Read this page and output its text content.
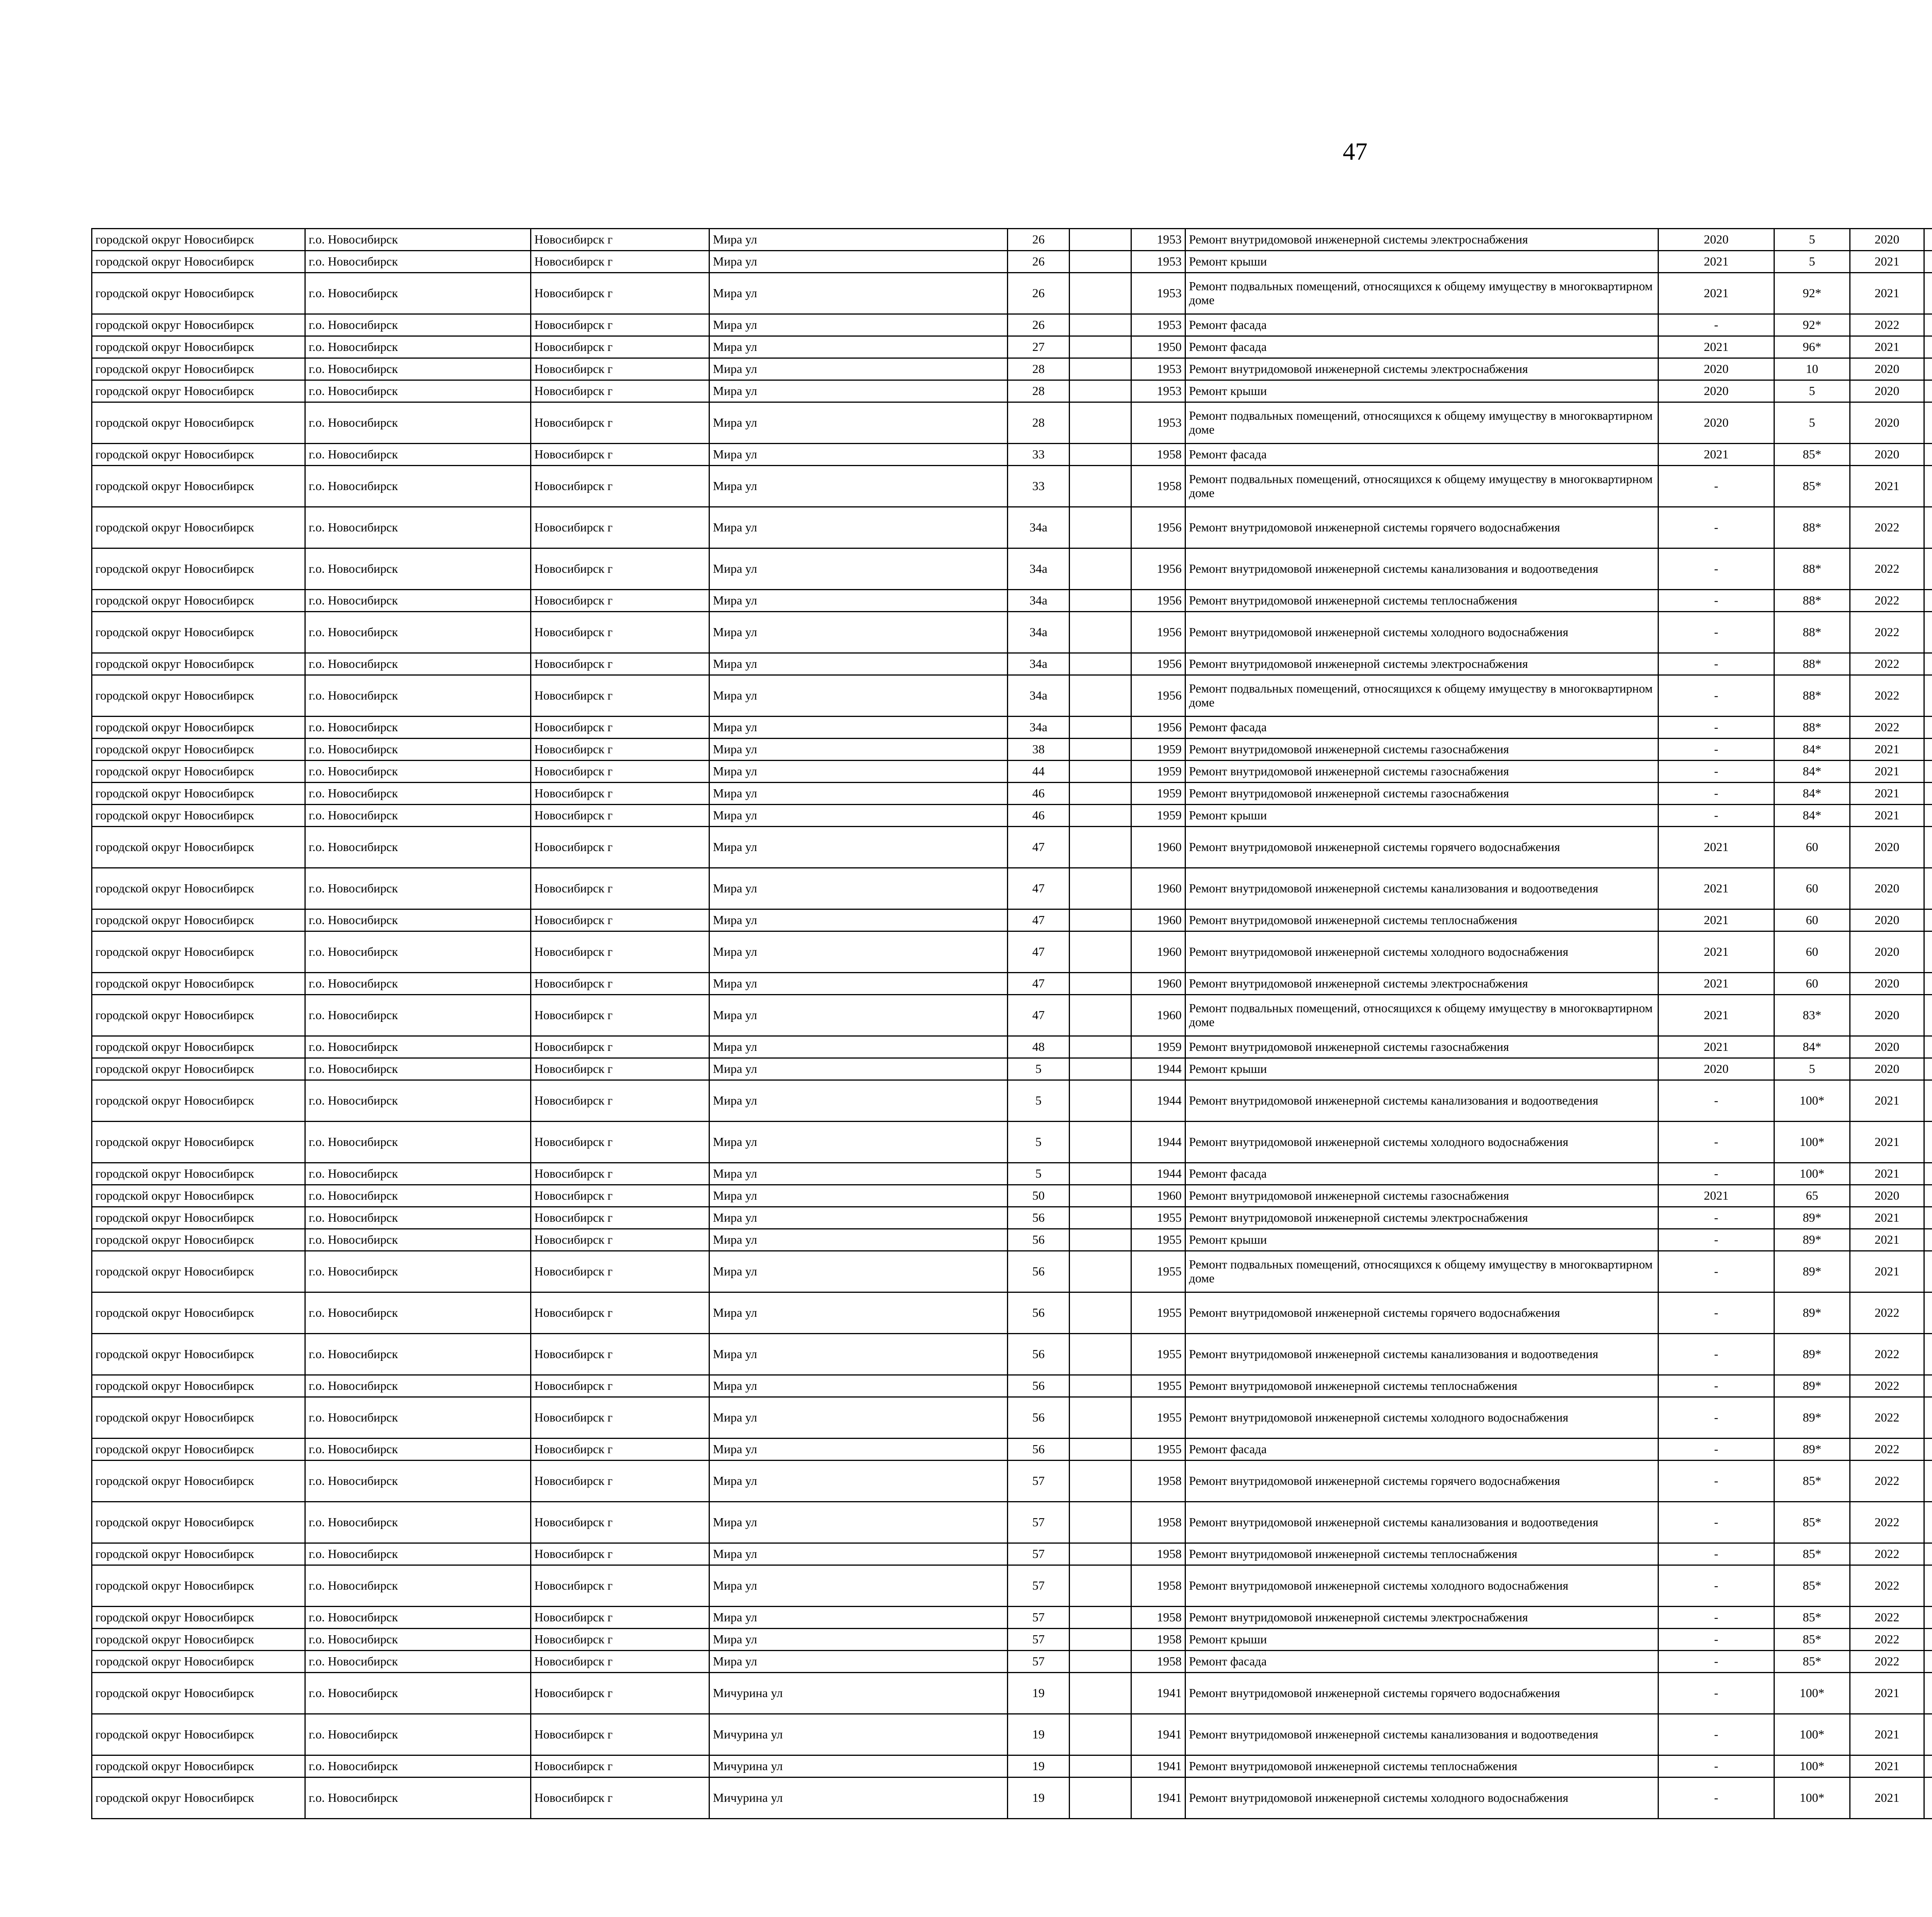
47
городской округ Новосибирск	г.о. Новосибирск	Новосибирск г	Мира ул	26		1953	Ремонт внутридомовой инженерной системы электроснабжения	2020	5	2020						
городской округ Новосибирск	г.о. Новосибирск	Новосибирск г	Мира ул	26		1953	Ремонт крыши	2021	5	2021						
городской округ Новосибирск	г.о. Новосибирск	Новосибирск г	Мира ул	26		1953	Ремонт подвальных помещений, относящихся к общему имуществу в многоквартирном доме	2021	92*	2021						
городской округ Новосибирск	г.о. Новосибирск	Новосибирск г	Мира ул	26		1953	Ремонт фасада	-	92*	2022						
городской округ Новосибирск	г.о. Новосибирск	Новосибирск г	Мира ул	27		1950	Ремонт фасада	2021	96*	2021						
городской округ Новосибирск	г.о. Новосибирск	Новосибирск г	Мира ул	28		1953	Ремонт внутридомовой инженерной системы электроснабжения	2020	10	2020						
городской округ Новосибирск	г.о. Новосибирск	Новосибирск г	Мира ул	28		1953	Ремонт крыши	2020	5	2020						
городской округ Новосибирск	г.о. Новосибирск	Новосибирск г	Мира ул	28		1953	Ремонт подвальных помещений, относящихся к общему имуществу в многоквартирном доме	2020	5	2020						
городской округ Новосибирск	г.о. Новосибирск	Новосибирск г	Мира ул	33		1958	Ремонт фасада	2021	85*	2020						
городской округ Новосибирск	г.о. Новосибирск	Новосибирск г	Мира ул	33		1958	Ремонт подвальных помещений, относящихся к общему имуществу в многоквартирном доме	-	85*	2021						
городской округ Новосибирск	г.о. Новосибирск	Новосибирск г	Мира ул	34а		1956	Ремонт внутридомовой инженерной системы горячего водоснабжения	-	88*	2022						
городской округ Новосибирск	г.о. Новосибирск	Новосибирск г	Мира ул	34а		1956	Ремонт внутридомовой инженерной системы канализования и водоотведения	-	88*	2022						
городской округ Новосибирск	г.о. Новосибирск	Новосибирск г	Мира ул	34а		1956	Ремонт внутридомовой инженерной системы теплоснабжения	-	88*	2022						
городской округ Новосибирск	г.о. Новосибирск	Новосибирск г	Мира ул	34а		1956	Ремонт внутридомовой инженерной системы холодного водоснабжения	-	88*	2022						
городской округ Новосибирск	г.о. Новосибирск	Новосибирск г	Мира ул	34а		1956	Ремонт внутридомовой инженерной системы электроснабжения	-	88*	2022						
городской округ Новосибирск	г.о. Новосибирск	Новосибирск г	Мира ул	34а		1956	Ремонт подвальных помещений, относящихся к общему имуществу в многоквартирном доме	-	88*	2022						
городской округ Новосибирск	г.о. Новосибирск	Новосибирск г	Мира ул	34а		1956	Ремонт фасада	-	88*	2022						
городской округ Новосибирск	г.о. Новосибирск	Новосибирск г	Мира ул	38		1959	Ремонт внутридомовой инженерной системы газоснабжения	-	84*	2021						
городской округ Новосибирск	г.о. Новосибирск	Новосибирск г	Мира ул	44		1959	Ремонт внутридомовой инженерной системы газоснабжения	-	84*	2021						
городской округ Новосибирск	г.о. Новосибирск	Новосибирск г	Мира ул	46		1959	Ремонт внутридомовой инженерной системы газоснабжения	-	84*	2021						
городской округ Новосибирск	г.о. Новосибирск	Новосибирск г	Мира ул	46		1959	Ремонт крыши	-	84*	2021						
городской округ Новосибирск	г.о. Новосибирск	Новосибирск г	Мира ул	47		1960	Ремонт внутридомовой инженерной системы горячего водоснабжения	2021	60	2020						
городской округ Новосибирск	г.о. Новосибирск	Новосибирск г	Мира ул	47		1960	Ремонт внутридомовой инженерной системы канализования и водоотведения	2021	60	2020						
городской округ Новосибирск	г.о. Новосибирск	Новосибирск г	Мира ул	47		1960	Ремонт внутридомовой инженерной системы теплоснабжения	2021	60	2020						
городской округ Новосибирск	г.о. Новосибирск	Новосибирск г	Мира ул	47		1960	Ремонт внутридомовой инженерной системы холодного водоснабжения	2021	60	2020						
городской округ Новосибирск	г.о. Новосибирск	Новосибирск г	Мира ул	47		1960	Ремонт внутридомовой инженерной системы электроснабжения	2021	60	2020						
городской округ Новосибирск	г.о. Новосибирск	Новосибирск г	Мира ул	47		1960	Ремонт подвальных помещений, относящихся к общему имуществу в многоквартирном доме	2021	83*	2020						
городской округ Новосибирск	г.о. Новосибирск	Новосибирск г	Мира ул	48		1959	Ремонт внутридомовой инженерной системы газоснабжения	2021	84*	2020						
городской округ Новосибирск	г.о. Новосибирск	Новосибирск г	Мира ул	5		1944	Ремонт крыши	2020	5	2020						
городской округ Новосибирск	г.о. Новосибирск	Новосибирск г	Мира ул	5		1944	Ремонт внутридомовой инженерной системы канализования и водоотведения	-	100*	2021						
городской округ Новосибирск	г.о. Новосибирск	Новосибирск г	Мира ул	5		1944	Ремонт внутридомовой инженерной системы холодного водоснабжения	-	100*	2021						
городской округ Новосибирск	г.о. Новосибирск	Новосибирск г	Мира ул	5		1944	Ремонт фасада	-	100*	2021						
городской округ Новосибирск	г.о. Новосибирск	Новосибирск г	Мира ул	50		1960	Ремонт внутридомовой инженерной системы газоснабжения	2021	65	2020						
городской округ Новосибирск	г.о. Новосибирск	Новосибирск г	Мира ул	56		1955	Ремонт внутридомовой инженерной системы электроснабжения	-	89*	2021						
городской округ Новосибирск	г.о. Новосибирск	Новосибирск г	Мира ул	56		1955	Ремонт крыши	-	89*	2021						
городской округ Новосибирск	г.о. Новосибирск	Новосибирск г	Мира ул	56		1955	Ремонт подвальных помещений, относящихся к общему имуществу в многоквартирном доме	-	89*	2021						
городской округ Новосибирск	г.о. Новосибирск	Новосибирск г	Мира ул	56		1955	Ремонт внутридомовой инженерной системы горячего водоснабжения	-	89*	2022						
городской округ Новосибирск	г.о. Новосибирск	Новосибирск г	Мира ул	56		1955	Ремонт внутридомовой инженерной системы канализования и водоотведения	-	89*	2022						
городской округ Новосибирск	г.о. Новосибирск	Новосибирск г	Мира ул	56		1955	Ремонт внутридомовой инженерной системы теплоснабжения	-	89*	2022						
городской округ Новосибирск	г.о. Новосибирск	Новосибирск г	Мира ул	56		1955	Ремонт внутридомовой инженерной системы холодного водоснабжения	-	89*	2022						
городской округ Новосибирск	г.о. Новосибирск	Новосибирск г	Мира ул	56		1955	Ремонт фасада	-	89*	2022						
городской округ Новосибирск	г.о. Новосибирск	Новосибирск г	Мира ул	57		1958	Ремонт внутридомовой инженерной системы горячего водоснабжения	-	85*	2022						
городской округ Новосибирск	г.о. Новосибирск	Новосибирск г	Мира ул	57		1958	Ремонт внутридомовой инженерной системы канализования и водоотведения	-	85*	2022						
городской округ Новосибирск	г.о. Новосибирск	Новосибирск г	Мира ул	57		1958	Ремонт внутридомовой инженерной системы теплоснабжения	-	85*	2022						
городской округ Новосибирск	г.о. Новосибирск	Новосибирск г	Мира ул	57		1958	Ремонт внутридомовой инженерной системы холодного водоснабжения	-	85*	2022						
городской округ Новосибирск	г.о. Новосибирск	Новосибирск г	Мира ул	57		1958	Ремонт внутридомовой инженерной системы электроснабжения	-	85*	2022						
городской округ Новосибирск	г.о. Новосибирск	Новосибирск г	Мира ул	57		1958	Ремонт крыши	-	85*	2022						
городской округ Новосибирск	г.о. Новосибирск	Новосибирск г	Мира ул	57		1958	Ремонт фасада	-	85*	2022						
городской округ Новосибирск	г.о. Новосибирск	Новосибирск г	Мичурина ул	19		1941	Ремонт внутридомовой инженерной системы горячего водоснабжения	-	100*	2021						
городской округ Новосибирск	г.о. Новосибирск	Новосибирск г	Мичурина ул	19		1941	Ремонт внутридомовой инженерной системы канализования и водоотведения	-	100*	2021						
городской округ Новосибирск	г.о. Новосибирск	Новосибирск г	Мичурина ул	19		1941	Ремонт внутридомовой инженерной системы теплоснабжения	-	100*	2021						
городской округ Новосибирск	г.о. Новосибирск	Новосибирск г	Мичурина ул	19		1941	Ремонт внутридомовой инженерной системы холодного водоснабжения	-	100*	2021						
